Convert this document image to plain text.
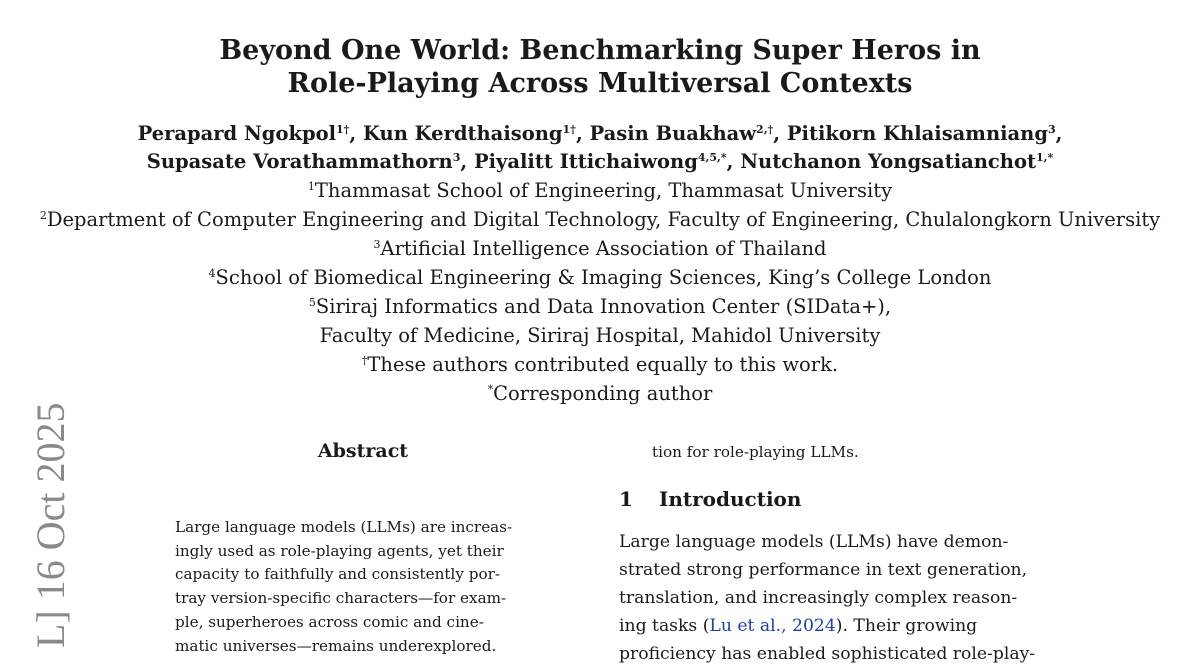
Beyond One World: Benchmarking Super Heros in
Role-Playing Across Multiversal Contexts
Perapard Ngokpol$^{1\dagger}$, Kun Kerdthaisong$^{1\dagger}$, Pasin Buakhaw$^{2,\dagger}$, Pitikorn Khlaisamniang$^3$,
Supasate Vorathammathorn$^3$, Piyalitt Ittichaiwong$^{4,5,*}$, Nutchanon Yongsatianchot$^{1,*}$
$^1$Thammasat School of Engineering, Thammasat University
$^2$Department of Computer Engineering and Digital Technology, Faculty of Engineering, Chulalongkorn University
$^3$Artificial Intelligence Association of Thailand
$^4$School of Biomedical Engineering & Imaging Sciences, King’s College London
$^5$Siriraj Informatics and Data Innovation Center (SIData+),
Faculty of Medicine, Siriraj Hospital, Mahidol University
†These authors contributed equally to this work.
*Corresponding author
L] 16 Oct 2025	Abstract
Large language models (LLMs) are increas-
ingly used as role-playing agents, yet their
capacity to faithfully and consistently por-
tray version-specific characters—for exam-
ple, superheroes across comic and cine-
matic universes—remains underexplored.
tion for role-playing LLMs.
1 Introduction
Large language models (LLMs) have demon-
strated strong performance in text generation,
translation, and increasingly complex reason-
ing tasks (Lu et al., 2024). Their growing
proficiency has enabled sophisticated role-play-
